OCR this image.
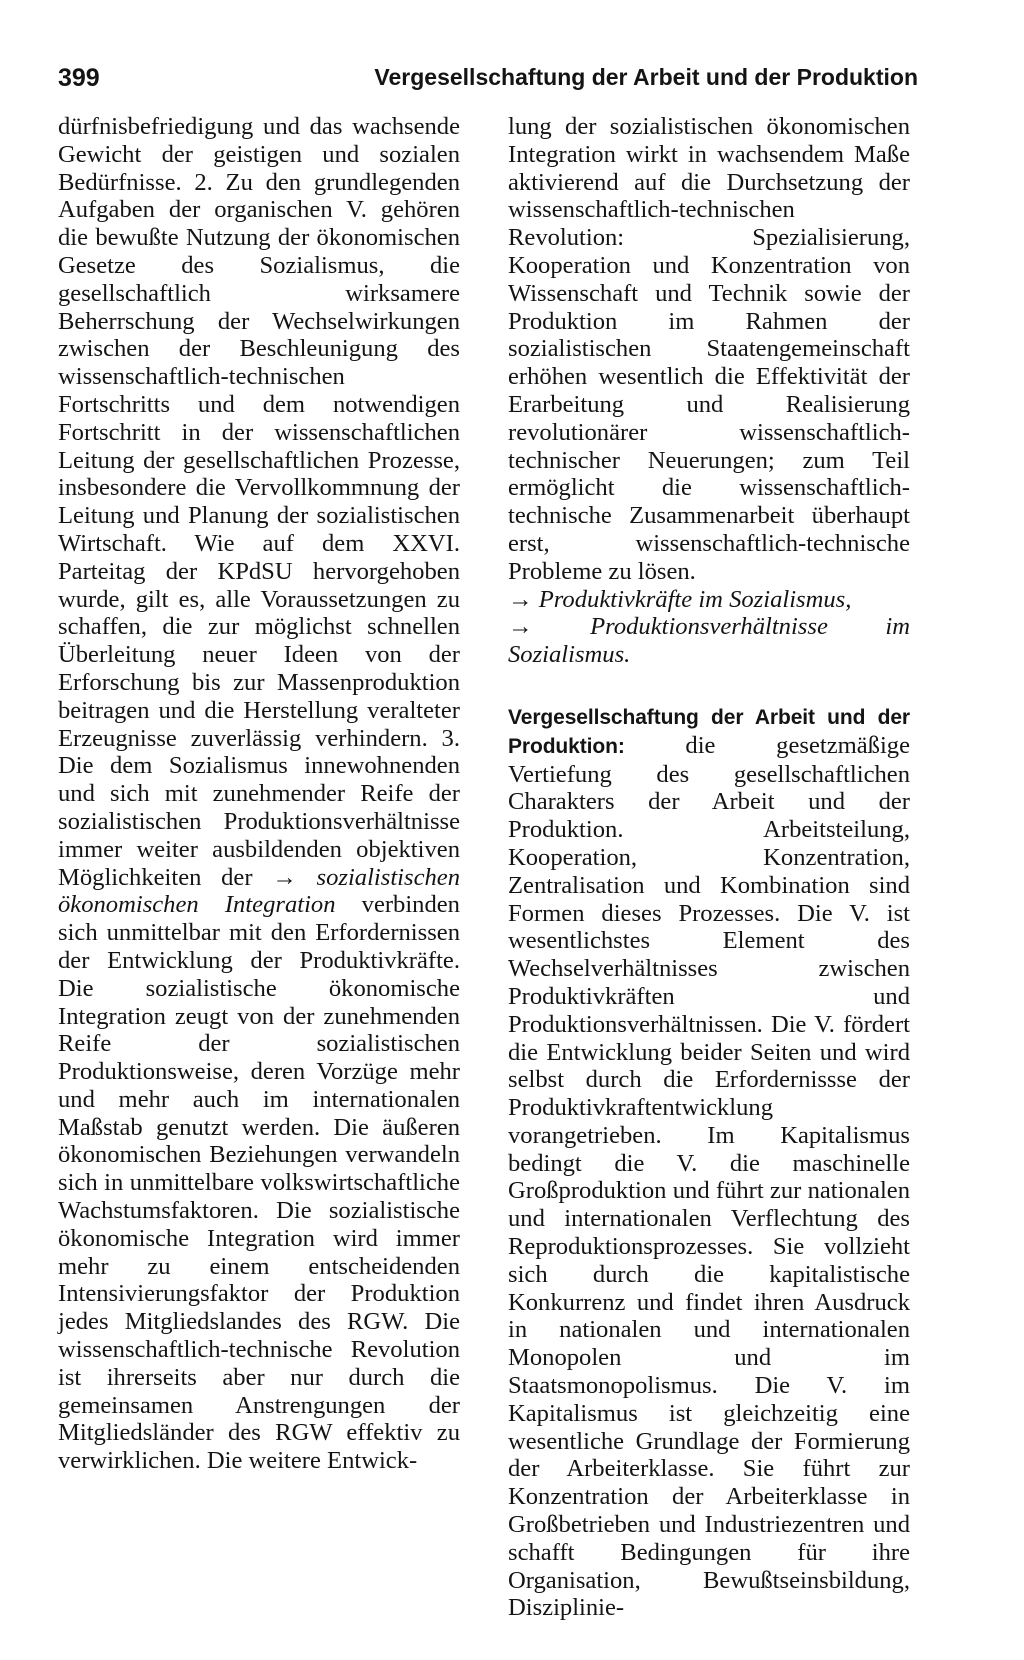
399	Vergesellschaftung der Arbeit und der Produktion

dürfnisbefriedigung und das wachsende Gewicht der geistigen und sozialen Bedürfnisse. 2. Zu den grundlegenden Aufgaben der organischen V. gehören die bewußte Nutzung der ökonomischen Gesetze des Sozialismus, die gesellschaftlich wirksamere Beherrschung der Wechselwirkungen zwischen der Beschleunigung des wissenschaftlich-technischen Fortschritts und dem notwendigen Fortschritt in der wissenschaftlichen Leitung der gesellschaftlichen Prozesse, insbesondere die Vervollkommnung der Leitung und Planung der sozialistischen Wirtschaft. Wie auf dem XXVI. Parteitag der KPdSU hervorgehoben wurde, gilt es, alle Voraussetzungen zu schaffen, die zur möglichst schnellen Überleitung neuer Ideen von der Erforschung bis zur Massenproduktion beitragen und die Herstellung veralteter Erzeugnisse zuverlässig verhindern. 3. Die dem Sozialismus innewohnenden und sich mit zunehmender Reife der sozialistischen Produktionsverhältnisse immer weiter ausbildenden objektiven Möglichkeiten der → sozialistischen ökonomischen Integration verbinden sich unmittelbar mit den Erfordernissen der Entwicklung der Produktivkräfte. Die sozialistische ökonomische Integration zeugt von der zunehmenden Reife der sozialistischen Produktionsweise, deren Vorzüge mehr und mehr auch im internationalen Maßstab genutzt werden. Die äußeren ökonomischen Beziehungen verwandeln sich in unmittelbare volkswirtschaftliche Wachstumsfaktoren. Die sozialistische ökonomische Integration wird immer mehr zu einem entscheidenden Intensivierungsfaktor der Produktion jedes Mitgliedslandes des RGW. Die wissenschaftlich-technische Revolution ist ihrerseits aber nur durch die gemeinsamen Anstrengungen der Mitgliedsländer des RGW effektiv zu verwirklichen. Die weitere Entwick-

lung der sozialistischen ökonomischen Integration wirkt in wachsendem Maße aktivierend auf die Durchsetzung der wissenschaftlich-technischen Revolution: Spezialisierung, Kooperation und Konzentration von Wissenschaft und Technik sowie der Produktion im Rahmen der sozialistischen Staatengemeinschaft erhöhen wesentlich die Effektivität der Erarbeitung und Realisierung revolutionärer wissenschaftlich-technischer Neuerungen; zum Teil ermöglicht die wissenschaftlich-technische Zusammenarbeit überhaupt erst, wissenschaftlich-technische Probleme zu lösen.
→ Produktivkräfte im Sozialismus,
→ Produktionsverhältnisse im Sozialismus.

Vergesellschaftung der Arbeit und der Produktion: die gesetzmäßige Vertiefung des gesellschaftlichen Charakters der Arbeit und der Produktion. Arbeitsteilung, Kooperation, Konzentration, Zentralisation und Kombination sind Formen dieses Prozesses. Die V. ist wesentlichstes Element des Wechselverhältnisses zwischen Produktivkräften und Produktionsverhältnissen. Die V. fördert die Entwicklung beider Seiten und wird selbst durch die Erfordernissse der Produktivkraftentwicklung vorangetrieben. Im Kapitalismus bedingt die V. die maschinelle Großproduktion und führt zur nationalen und internationalen Verflechtung des Reproduktionsprozesses. Sie vollzieht sich durch die kapitalistische Konkurrenz und findet ihren Ausdruck in nationalen und internationalen Monopolen und im Staatsmonopolismus. Die V. im Kapitalismus ist gleichzeitig eine wesentliche Grundlage der Formierung der Arbeiterklasse. Sie führt zur Konzentration der Arbeiterklasse in Großbetrieben und Industriezentren und schafft Bedingungen für ihre Organisation, Bewußtseinsbildung, Disziplinie-
